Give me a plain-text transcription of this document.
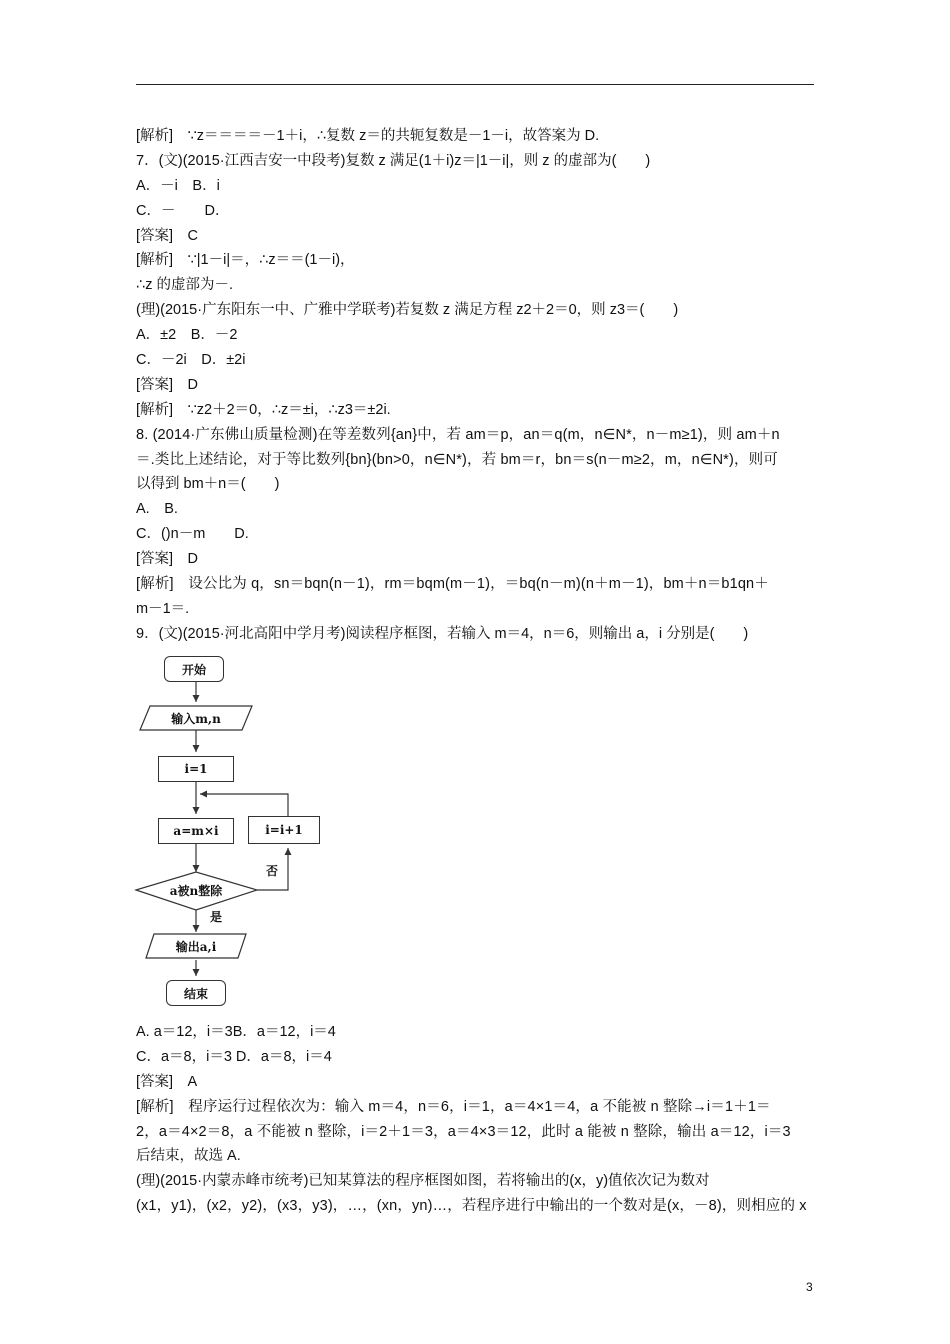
[解析]　∵z＝＝＝＝－1＋i，∴复数 z＝的共轭复数是－1－i，故答案为 D.
7．(文)(2015·江西吉安一中段考)复数 z 满足(1＋i)z＝|1－i|，则 z 的虚部为(　　)
A．－i　B．i
C．－　　D．
[答案]　C
[解析]　∵|1－i|＝，∴z＝＝(1－i)，
∴z 的虚部为－.
(理)(2015·广东阳东一中、广雅中学联考)若复数 z 满足方程 z2＋2＝0，则 z3＝(　　)
A．±2　B．－2
C．－2i　D．±2i
[答案]　D
[解析]　∵z2＋2＝0，∴z＝±i，∴z3＝±2i.
8. (2014·广东佛山质量检测)在等差数列{an}中，若 am＝p，an＝q(m，n∈N*，n－m≥1)，则 am＋n
＝.类比上述结论，对于等比数列{bn}(bn>0，n∈N*)，若 bm＝r，bn＝s(n－m≥2，m，n∈N*)，则可
以得到 bm＋n＝(　　)
A.　B.
C．()n－m　　D.
[答案]　D
[解析]　设公比为 q，sn＝bqn(n－1)，rm＝bqm(m－1)，＝bq(n－m)(n＋m－1)，bm＋n＝b1qn＋
m－1＝.
9．(文)(2015·河北高阳中学月考)阅读程序框图，若输入 m＝4，n＝6，则输出 a，i 分别是(　　)
开始
输入m,n
i=1
a=m×i	i=i+1
a被n整除
否
是
输出a,i
结束
A. a＝12，i＝3B．a＝12，i＝4
C．a＝8，i＝3 D．a＝8，i＝4
[答案]　A
[解析]　程序运行过程依次为：输入 m＝4，n＝6，i＝1，a＝4×1＝4，a 不能被 n 整除→i＝1＋1＝
2，a＝4×2＝8，a 不能被 n 整除，i＝2＋1＝3，a＝4×3＝12，此时 a 能被 n 整除，输出 a＝12，i＝3
后结束，故选 A.
(理)(2015·内蒙赤峰市统考)已知某算法的程序框图如图，若将输出的(x，y)值依次记为数对
(x1，y1)，(x2，y2)，(x3，y3)，…，(xn，yn)…，若程序进行中输出的一个数对是(x，－8)，则相应的 x
3
